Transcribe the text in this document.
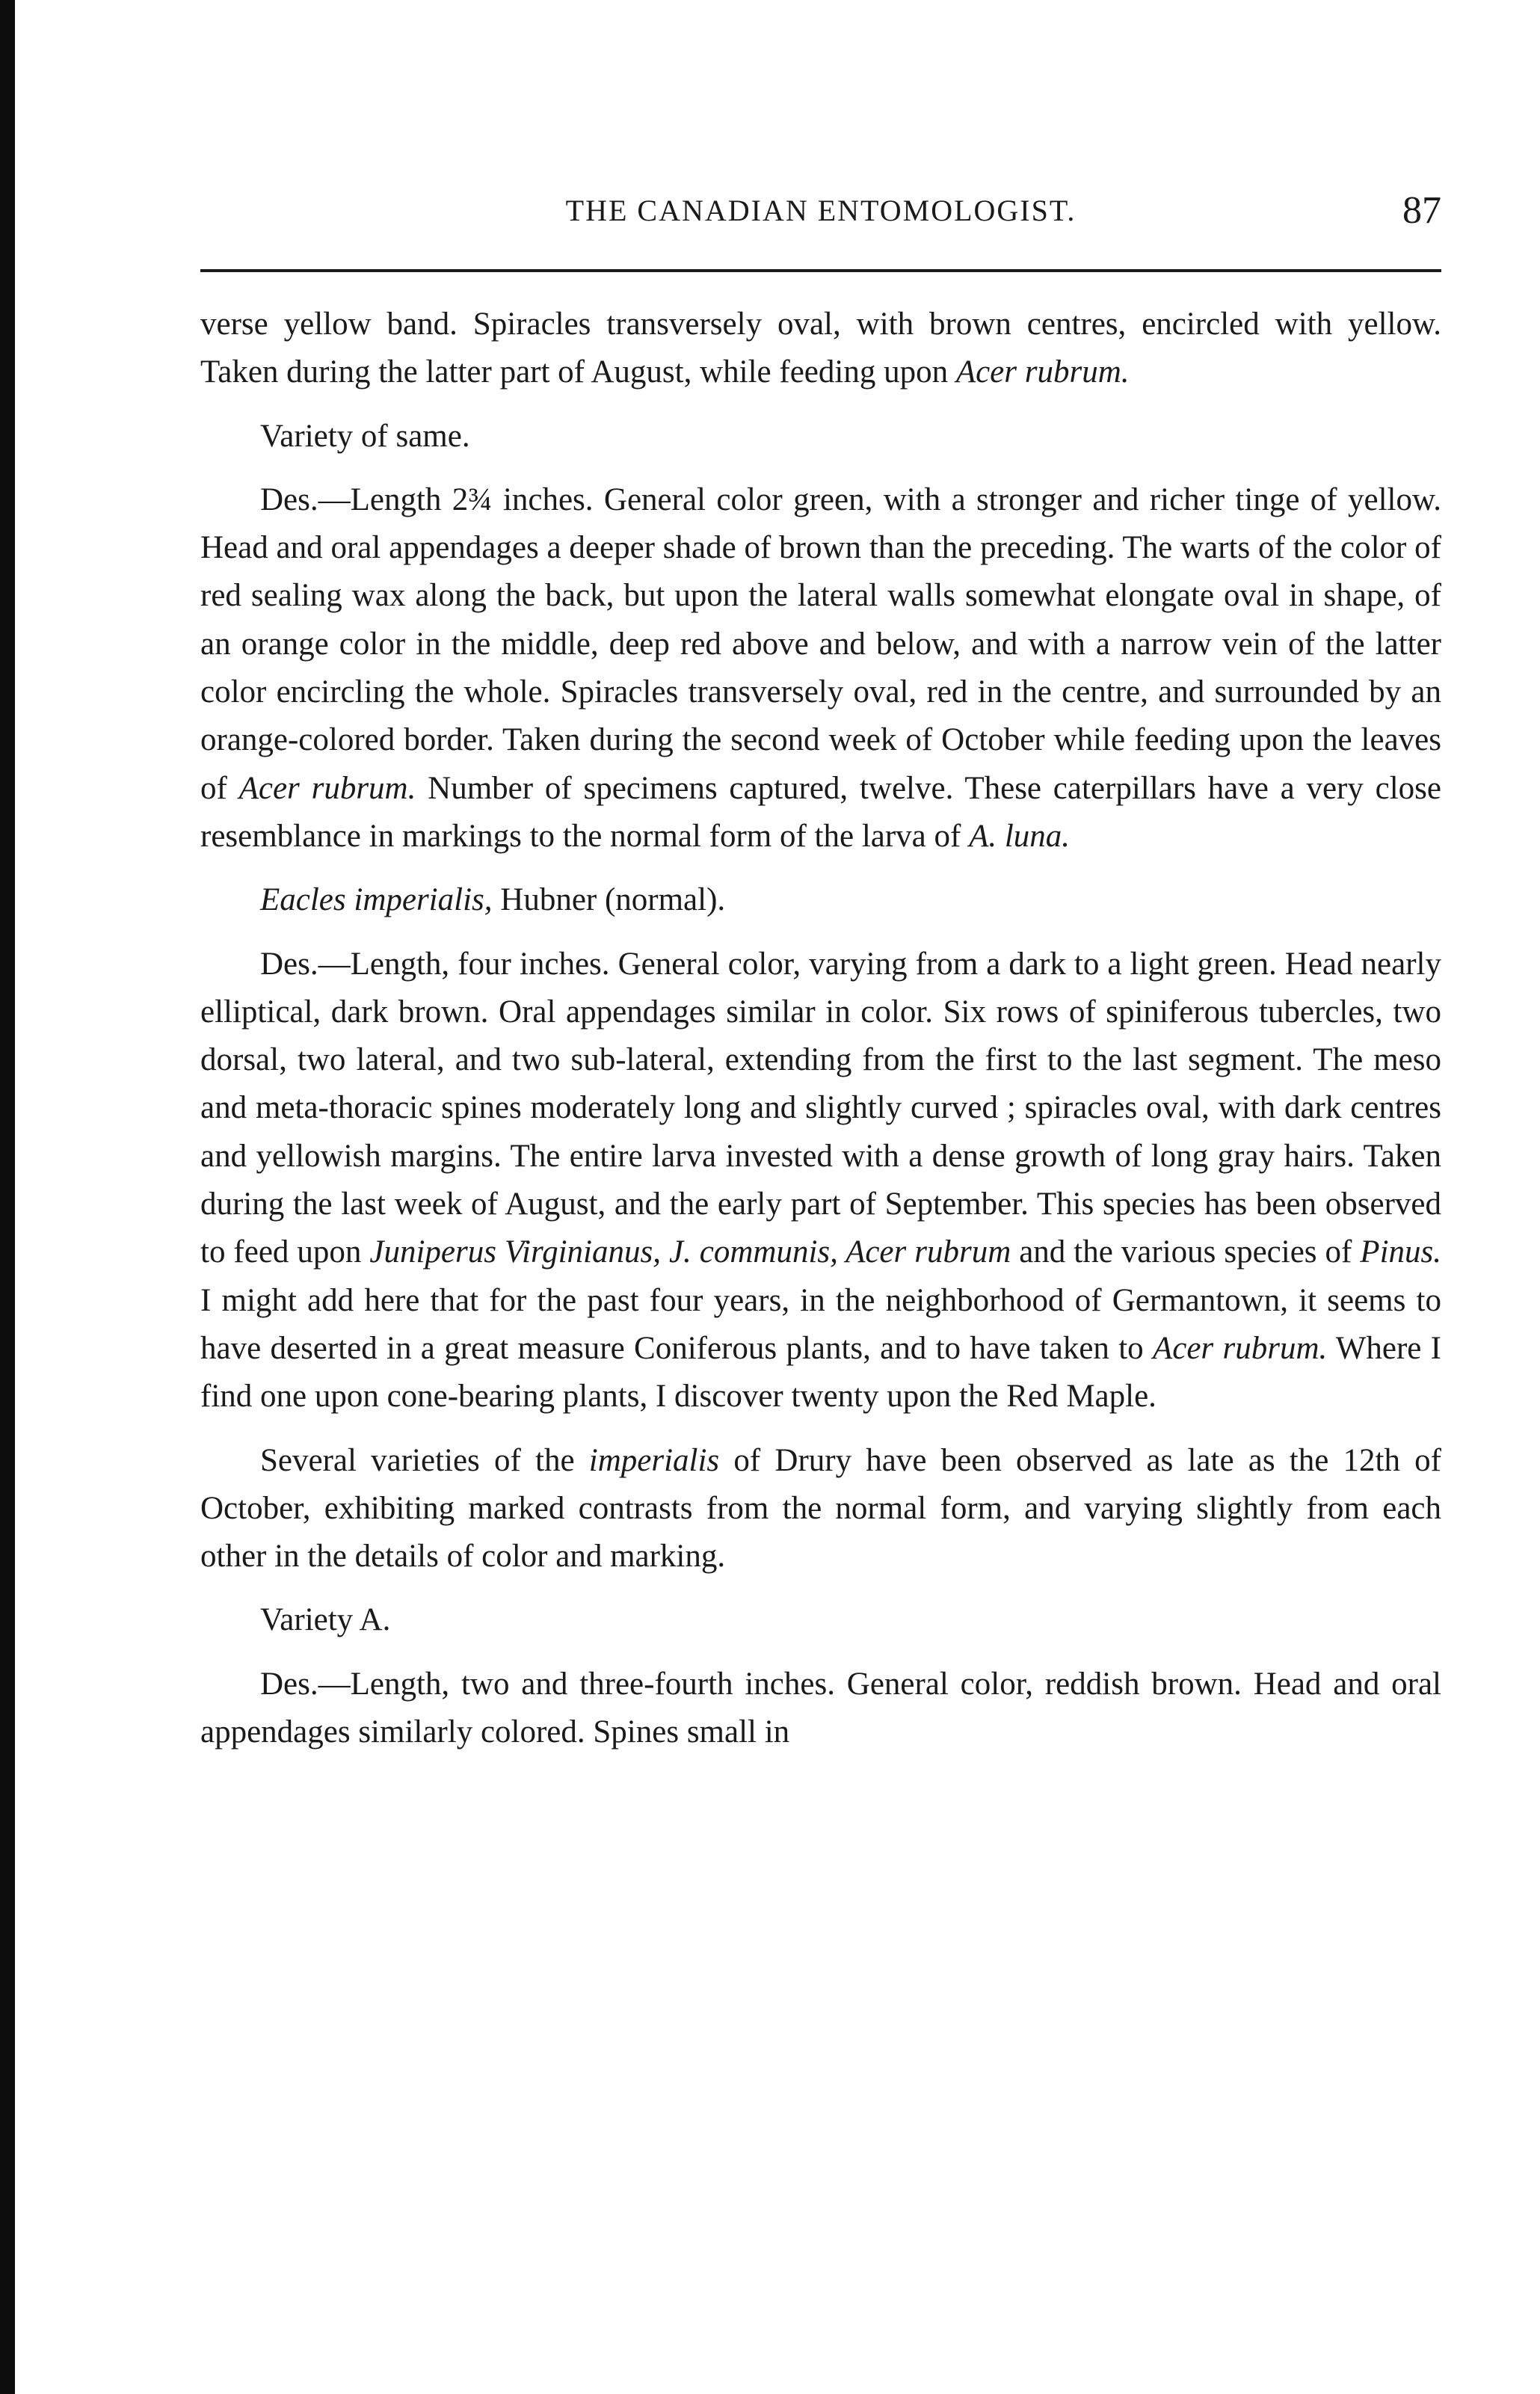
THE CANADIAN ENTOMOLOGIST.	87

verse yellow band. Spiracles transversely oval, with brown centres, encircled with yellow. Taken during the latter part of August, while feeding upon Acer rubrum.

Variety of same.

Des.—Length 2¾ inches. General color green, with a stronger and richer tinge of yellow. Head and oral appendages a deeper shade of brown than the preceding. The warts of the color of red sealing wax along the back, but upon the lateral walls somewhat elongate oval in shape, of an orange color in the middle, deep red above and below, and with a narrow vein of the latter color encircling the whole. Spiracles transversely oval, red in the centre, and surrounded by an orange-colored border. Taken during the second week of October while feeding upon the leaves of Acer rubrum. Number of specimens captured, twelve. These caterpillars have a very close resemblance in markings to the normal form of the larva of A. luna.

Eacles imperialis, Hubner (normal).

Des.—Length, four inches. General color, varying from a dark to a light green. Head nearly elliptical, dark brown. Oral appendages similar in color. Six rows of spiniferous tubercles, two dorsal, two lateral, and two sub-lateral, extending from the first to the last segment. The meso and meta-thoracic spines moderately long and slightly curved ; spiracles oval, with dark centres and yellowish margins. The entire larva invested with a dense growth of long gray hairs. Taken during the last week of August, and the early part of September. This species has been observed to feed upon Juniperus Virginianus, J. communis, Acer rubrum and the various species of Pinus. I might add here that for the past four years, in the neighborhood of Germantown, it seems to have deserted in a great measure Coniferous plants, and to have taken to Acer rubrum. Where I find one upon cone-bearing plants, I discover twenty upon the Red Maple.

Several varieties of the imperialis of Drury have been observed as late as the 12th of October, exhibiting marked contrasts from the normal form, and varying slightly from each other in the details of color and marking.

Variety A.

Des.—Length, two and three-fourth inches. General color, reddish brown. Head and oral appendages similarly colored. Spines small in
